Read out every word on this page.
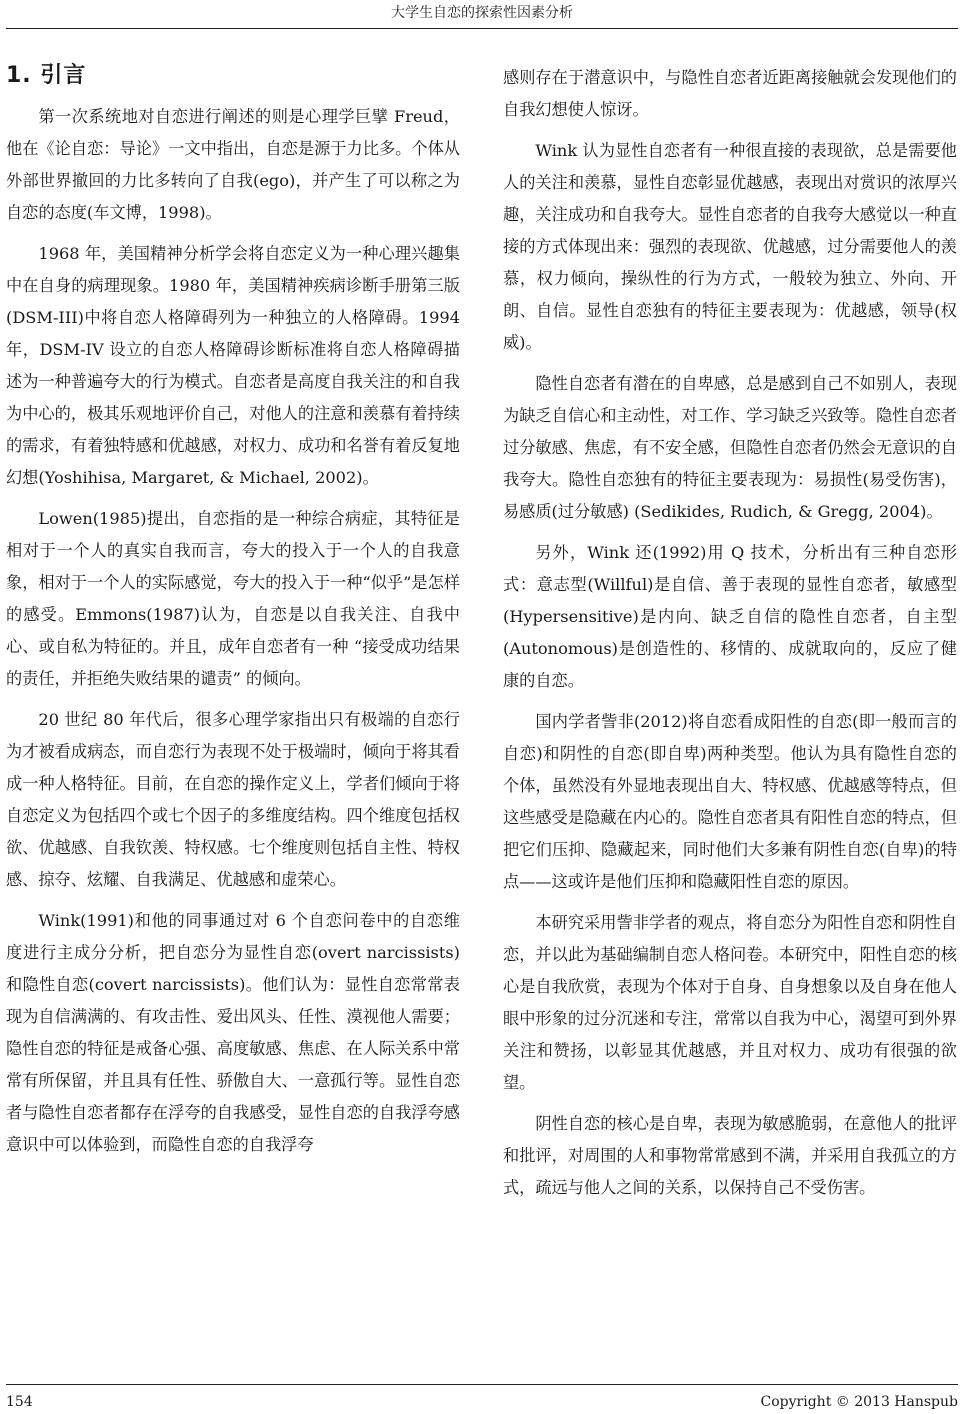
大学生自恋的探索性因素分析
1. 引言

第一次系统地对自恋进行阐述的则是心理学巨擘 Freud，他在《论自恋：导论》一文中指出，自恋是源于力比多。个体从外部世界撤回的力比多转向了自我(ego)，并产生了可以称之为自恋的态度(车文博，1998)。

1968 年，美国精神分析学会将自恋定义为一种心理兴趣集中在自身的病理现象。1980 年，美国精神疾病诊断手册第三版(DSM-III)中将自恋人格障碍列为一种独立的人格障碍。1994 年，DSM-IV 设立的自恋人格障碍诊断标准将自恋人格障碍描述为一种普遍夸大的行为模式。自恋者是高度自我关注的和自我为中心的，极其乐观地评价自己，对他人的注意和羡慕有着持续的需求，有着独特感和优越感，对权力、成功和名誉有着反复地幻想(Yoshihisa, Margaret, & Michael, 2002)。

Lowen(1985)提出，自恋指的是一种综合病症，其特征是相对于一个人的真实自我而言，夸大的投入于一个人的自我意象，相对于一个人的实际感觉，夸大的投入于一种“似乎”是怎样的感受。Emmons(1987)认为，自恋是以自我关注、自我中心、或自私为特征的。并且，成年自恋者有一种 “接受成功结果的责任，并拒绝失败结果的谴责” 的倾向。

20 世纪 80 年代后，很多心理学家指出只有极端的自恋行为才被看成病态，而自恋行为表现不处于极端时，倾向于将其看成一种人格特征。目前，在自恋的操作定义上，学者们倾向于将自恋定义为包括四个或七个因子的多维度结构。四个维度包括权欲、优越感、自我钦羡、特权感。七个维度则包括自主性、特权感、掠夺、炫耀、自我满足、优越感和虚荣心。

Wink(1991)和他的同事通过对 6 个自恋问卷中的自恋维度进行主成分分析，把自恋分为显性自恋(overt narcissists)和隐性自恋(covert narcissists)。他们认为：显性自恋常常表现为自信满满的、有攻击性、爱出风头、任性、漠视他人需要；隐性自恋的特征是戒备心强、高度敏感、焦虑、在人际关系中常常有所保留，并且具有任性、骄傲自大、一意孤行等。显性自恋者与隐性自恋者都存在浮夸的自我感受，显性自恋的自我浮夸感意识中可以体验到，而隐性自恋的自我浮夸

感则存在于潜意识中，与隐性自恋者近距离接触就会发现他们的自我幻想使人惊讶。

Wink 认为显性自恋者有一种很直接的表现欲，总是需要他人的关注和羡慕，显性自恋彰显优越感，表现出对赏识的浓厚兴趣，关注成功和自我夸大。显性自恋者的自我夸大感觉以一种直接的方式体现出来：强烈的表现欲、优越感，过分需要他人的羡慕，权力倾向，操纵性的行为方式，一般较为独立、外向、开朗、自信。显性自恋独有的特征主要表现为：优越感，领导(权威)。

隐性自恋者有潜在的自卑感，总是感到自己不如别人，表现为缺乏自信心和主动性，对工作、学习缺乏兴致等。隐性自恋者过分敏感、焦虑，有不安全感，但隐性自恋者仍然会无意识的自我夸大。隐性自恋独有的特征主要表现为：易损性(易受伤害)，易感质(过分敏感) (Sedikides, Rudich, & Gregg, 2004)。

另外，Wink 还(1992)用 Q 技术，分析出有三种自恋形式：意志型(Willful)是自信、善于表现的显性自恋者，敏感型(Hypersensitive)是内向、缺乏自信的隐性自恋者，自主型(Autonomous)是创造性的、移情的、成就取向的，反应了健康的自恋。

国内学者訾非(2012)将自恋看成阳性的自恋(即一般而言的自恋)和阴性的自恋(即自卑)两种类型。他认为具有隐性自恋的个体，虽然没有外显地表现出自大、特权感、优越感等特点，但这些感受是隐藏在内心的。隐性自恋者具有阳性自恋的特点，但把它们压抑、隐藏起来，同时他们大多兼有阴性自恋(自卑)的特点——这或许是他们压抑和隐藏阳性自恋的原因。

本研究采用訾非学者的观点，将自恋分为阳性自恋和阴性自恋，并以此为基础编制自恋人格问卷。本研究中，阳性自恋的核心是自我欣赏，表现为个体对于自身、自身想象以及自身在他人眼中形象的过分沉迷和专注，常常以自我为中心，渴望可到外界关注和赞扬，以彰显其优越感，并且对权力、成功有很强的欲望。

阴性自恋的核心是自卑，表现为敏感脆弱，在意他人的批评和批评，对周围的人和事物常常感到不满，并采用自我孤立的方式，疏远与他人之间的关系，以保持自己不受伤害。

154	Copyright © 2013 Hanspub
